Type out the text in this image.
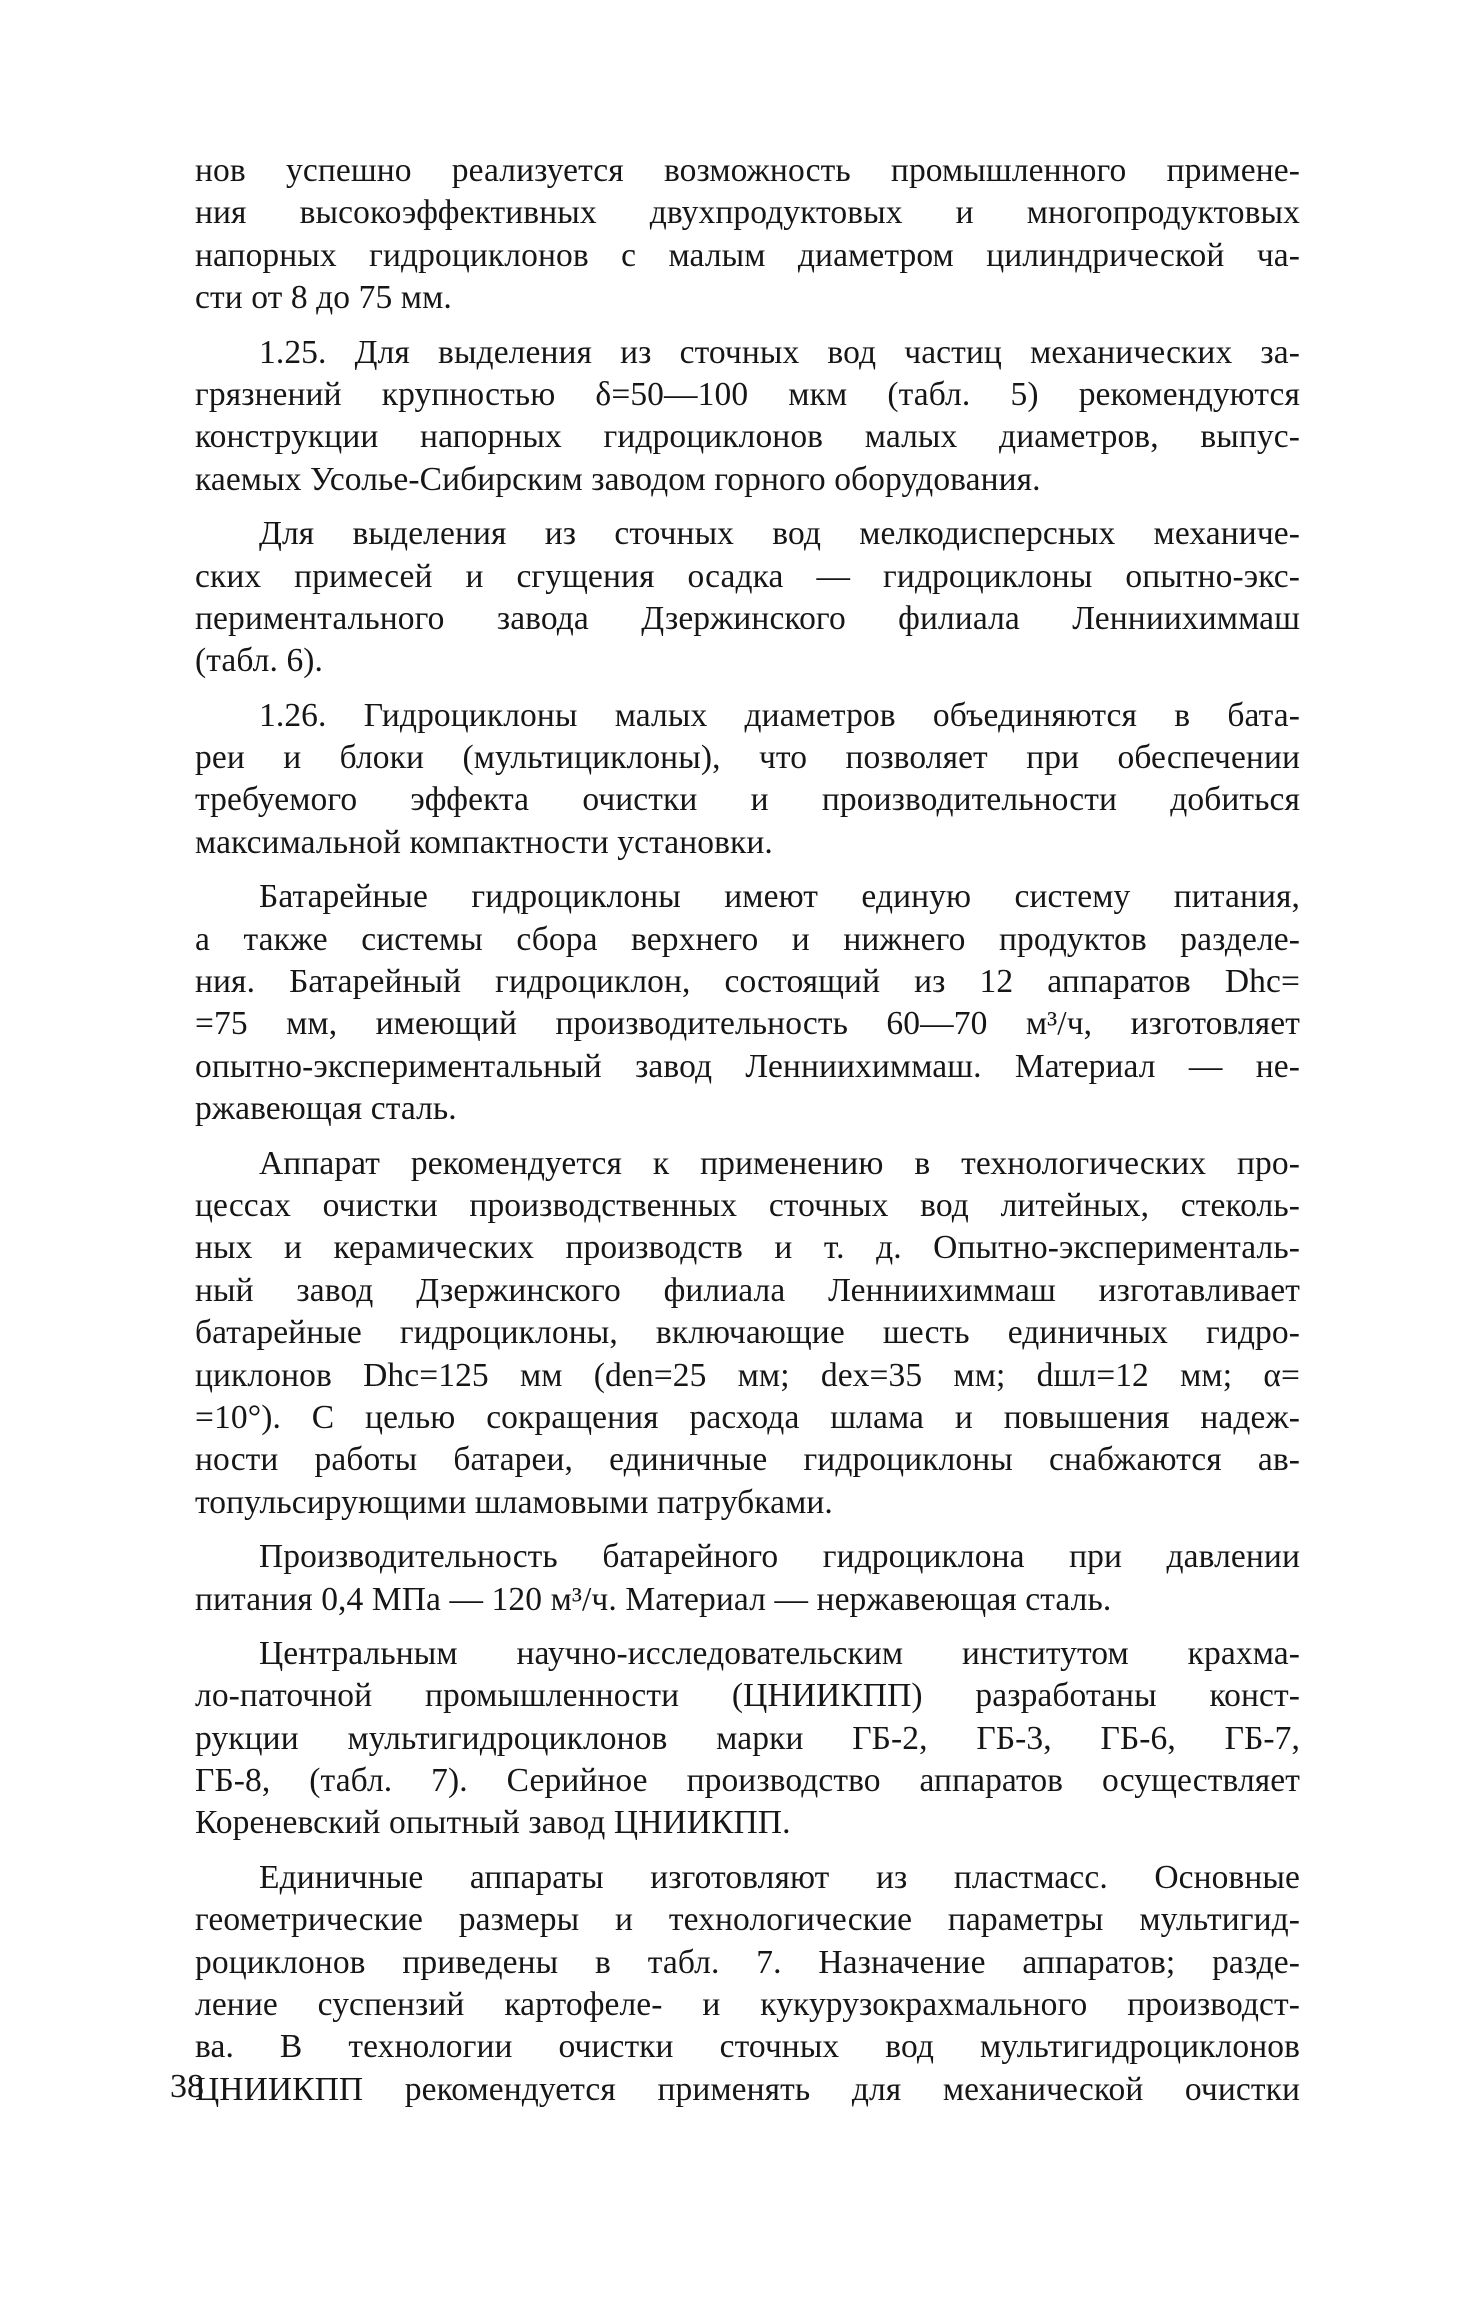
нов успешно реализуется возможность промышленного примене-
ния высокоэффективных двухпродуктовых и многопродуктовых
напорных гидроциклонов с малым диаметром цилиндрической ча-
сти от 8 до 75 мм.
1.25. Для выделения из сточных вод частиц механических за-
грязнений крупностью δ=50—100 мкм (табл. 5) рекомендуются
конструкции напорных гидроциклонов малых диаметров, выпус-
каемых Усолье-Сибирским заводом горного оборудования.
Для выделения из сточных вод мелкодисперсных механиче-
ских примесей и сгущения осадка — гидроциклоны опытно-экс-
периментального завода Дзержинского филиала Ленниихиммаш
(табл. 6).
1.26. Гидроциклоны малых диаметров объединяются в бата-
реи и блоки (мультициклоны), что позволяет при обеспечении
требуемого эффекта очистки и производительности добиться
максимальной компактности установки.
Батарейные гидроциклоны имеют единую систему питания,
а также системы сбора верхнего и нижнего продуктов разделе-
ния. Батарейный гидроциклон, состоящий из 12 аппаратов Dhc=
=75 мм, имеющий производительность 60—70 м³/ч, изготовляет
опытно-экспериментальный завод Ленниихиммаш. Материал — не-
ржавеющая сталь.
Аппарат рекомендуется к применению в технологических про-
цессах очистки производственных сточных вод литейных, стеколь-
ных и керамических производств и т. д. Опытно-эксперименталь-
ный завод Дзержинского филиала Ленниихиммаш изготавливает
батарейные гидроциклоны, включающие шесть единичных гидро-
циклонов Dhc=125 мм (den=25 мм; dex=35 мм; dшл=12 мм; α=
=10°). С целью сокращения расхода шлама и повышения надеж-
ности работы батареи, единичные гидроциклоны снабжаются ав-
топульсирующими шламовыми патрубками.
Производительность батарейного гидроциклона при давлении
питания 0,4 МПа — 120 м³/ч. Материал — нержавеющая сталь.
Центральным научно-исследовательским институтом крахма-
ло-паточной промышленности (ЦНИИКПП) разработаны конст-
рукции мультигидроциклонов марки ГБ-2, ГБ-3, ГБ-6, ГБ-7,
ГБ-8, (табл. 7). Серийное производство аппаратов осуществляет
Кореневский опытный завод ЦНИИКПП.
Единичные аппараты изготовляют из пластмасс. Основные
геометрические размеры и технологические параметры мультигид-
роциклонов приведены в табл. 7. Назначение аппаратов; разде-
ление суспензий картофеле- и кукурузокрахмального производст-
ва. В технологии очистки сточных вод мультигидроциклонов
ЦНИИКПП рекомендуется применять для механической очистки
38
